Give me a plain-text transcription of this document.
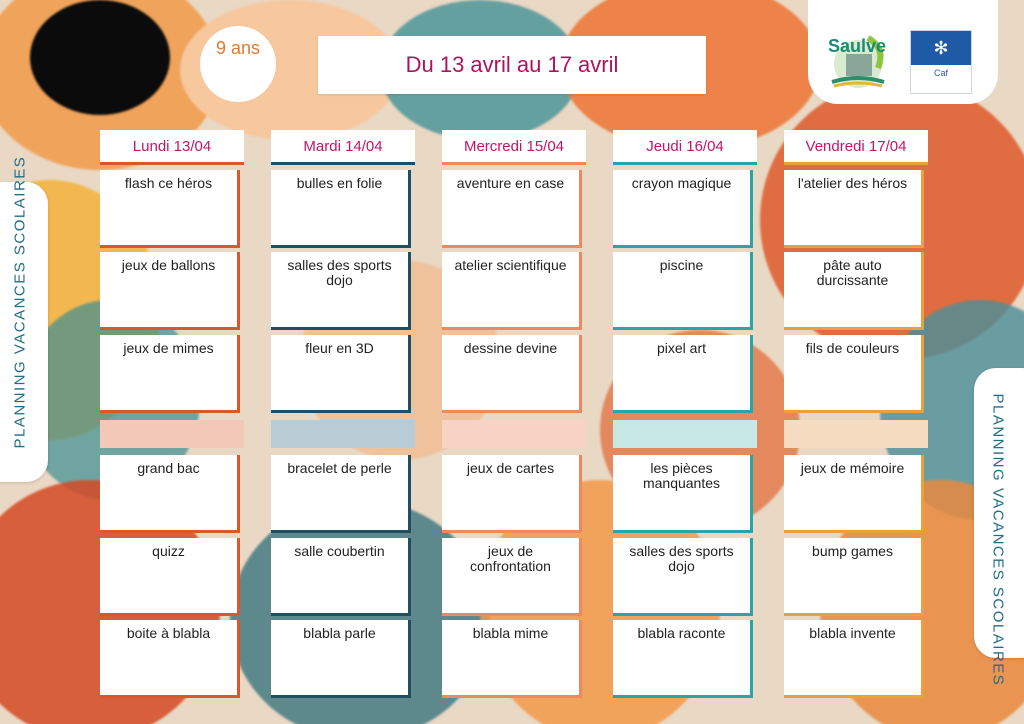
PLANNING VACANCES SCOLAIRES
PLANNING VACANCES SCOLAIRES
9 ans
Du 13 avril au 17 avril
Saulve	✻
Caf
Lundi 13/04
flash ce héros
jeux de ballons
jeux de mimes
grand bac
quizz
boite à blabla
Mardi 14/04
bulles en folie
salles des sports dojo
fleur en 3D
bracelet de perle
salle coubertin
blabla parle
Mercredi 15/04
aventure en case
atelier scientifique
dessine devine
jeux de cartes
jeux de confrontation
blabla mime
Jeudi 16/04
crayon magique
piscine
pixel art
les pièces manquantes
salles des sports dojo
blabla raconte
Vendredi 17/04
l'atelier des héros
pâte auto durcissante
fils de couleurs
jeux de mémoire
bump games
blabla invente
